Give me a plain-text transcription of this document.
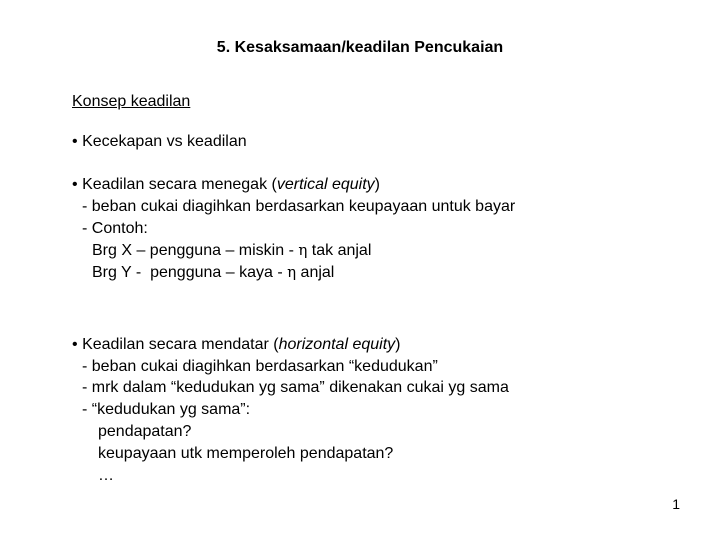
5. Kesaksamaan/keadilan Pencukaian
Konsep keadilan
• Kecekapan vs keadilan
• Keadilan secara menegak (vertical equity)
- beban cukai diagihkan berdasarkan keupayaan untuk bayar
- Contoh:
Brg X – pengguna – miskin - η tak anjal
Brg Y -  pengguna – kaya - η anjal
• Keadilan secara mendatar (horizontal equity)
- beban cukai diagihkan berdasarkan “kedudukan”
- mrk dalam “kedudukan yg sama” dikenakan cukai yg sama
- “kedudukan yg sama”:
pendapatan?
keupayaan utk memperoleh pendapatan?
…
1
